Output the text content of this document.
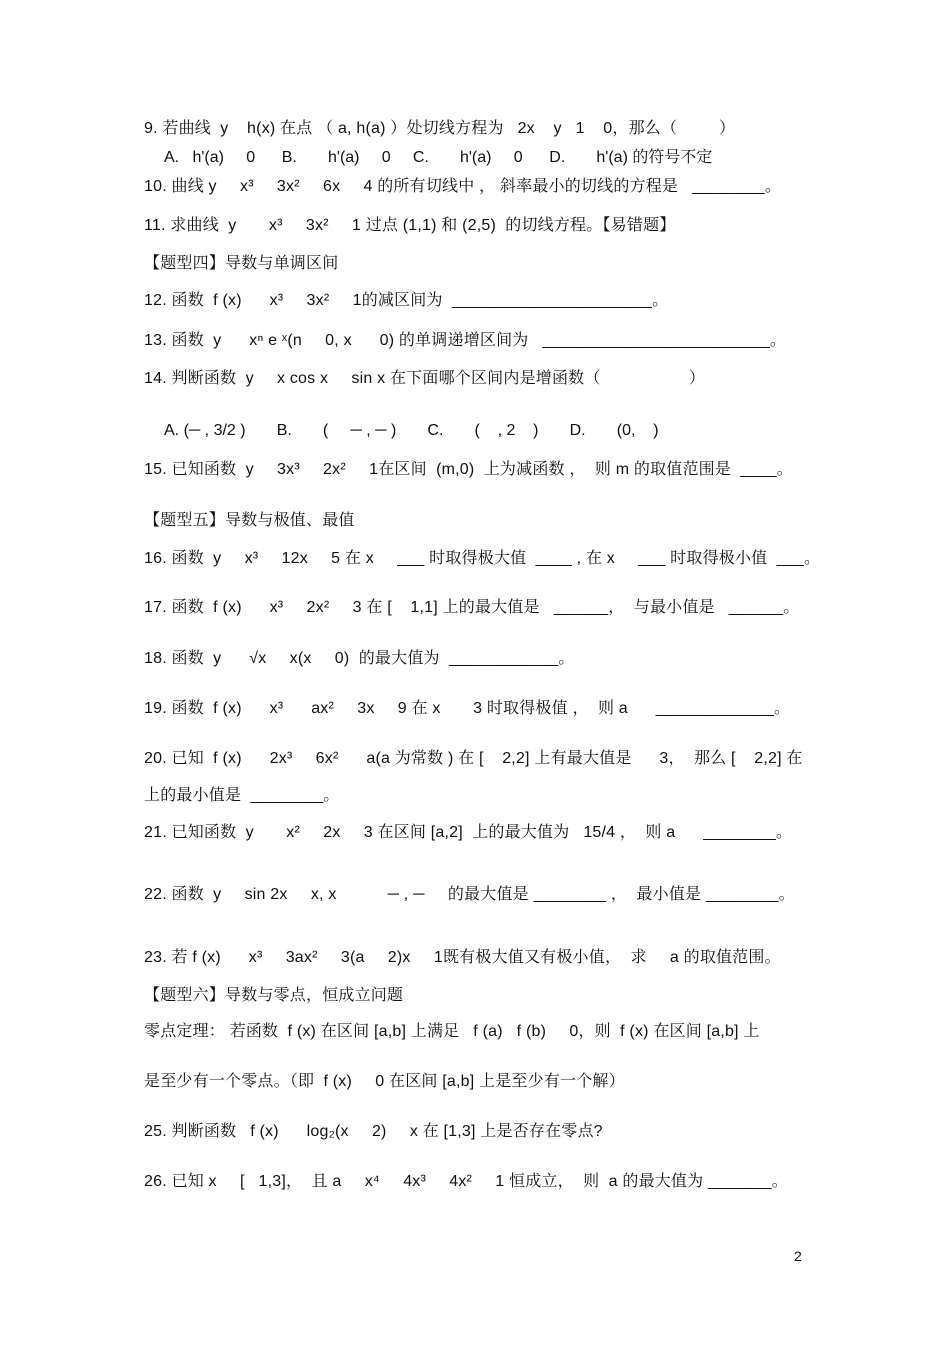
9. 若曲线  y    h(x) 在点 （ a, h(a) ）处切线方程为   2x    y   1    0，那么（         ）
A.   h'(a)     0      B.       h'(a)     0     C.       h'(a)     0      D.       h'(a) 的符号不定
10. 曲线 y     x³     3x²     6x     4 的所有切线中 ， 斜率最小的切线的方程是   ________。
11. 求曲线  y       x³     3x²     1 过点 (1,1) 和 (2,5)  的切线方程。【易错题】
【题型四】导数与单调区间
12. 函数  f (x)      x³     3x²     1的减区间为  ______________________。
13. 函数  y      xⁿ e ˣ(n     0, x      0) 的单调递增区间为   _________________________。
14. 判断函数  y     x cos x     sin x 在下面哪个区间内是增函数（                   ）
A. (─ , 3/2 )       B.       (     ─ , ─ )       C.       (    , 2    )       D.       (0,    )
15. 已知函数  y     3x³     2x²     1在区间  (m,0)  上为减函数 ，  则 m 的取值范围是  ____。
【题型五】导数与极值、最值
16. 函数  y     x³     12x     5 在 x     ___ 时取得极大值  ____ , 在 x     ___ 时取得极小值  ___。
17. 函数  f (x)      x³     2x²     3 在 [    1,1] 上的最大值是   ______，  与最小值是   ______。
18. 函数  y      √x     x(x     0)  的最大值为  ____________。
19. 函数  f (x)      x³      ax²     3x     9 在 x       3 时取得极值 ，  则 a      _____________。
20. 已知  f (x)      2x³     6x²      a(a 为常数 ) 在 [    2,2] 上有最大值是      3，  那么 [    2,2] 在
上的最小值是  ________。
21. 已知函数  y       x²     2x     3 在区间 [a,2]  上的最大值为   15/4 ，  则 a      ________。
22. 函数  y     sin 2x     x, x           ─ , ─     的最大值是 ________ ，  最小值是 ________。
23. 若 f (x)      x³     3ax²     3(a     2)x     1既有极大值又有极小值，  求     a 的取值范围。
【题型六】导数与零点，恒成立问题
零点定理： 若函数  f (x) 在区间 [a,b] 上满足   f (a)   f (b)     0，则  f (x) 在区间 [a,b] 上
是至少有一个零点。（即  f (x)     0 在区间 [a,b] 上是至少有一个解）
25. 判断函数   f (x)      log₂(x     2)     x 在 [1,3] 上是否存在零点?
26. 已知 x     [   1,3]，  且 a     x⁴     4x³     4x²     1 恒成立，  则  a 的最大值为 _______。
2
